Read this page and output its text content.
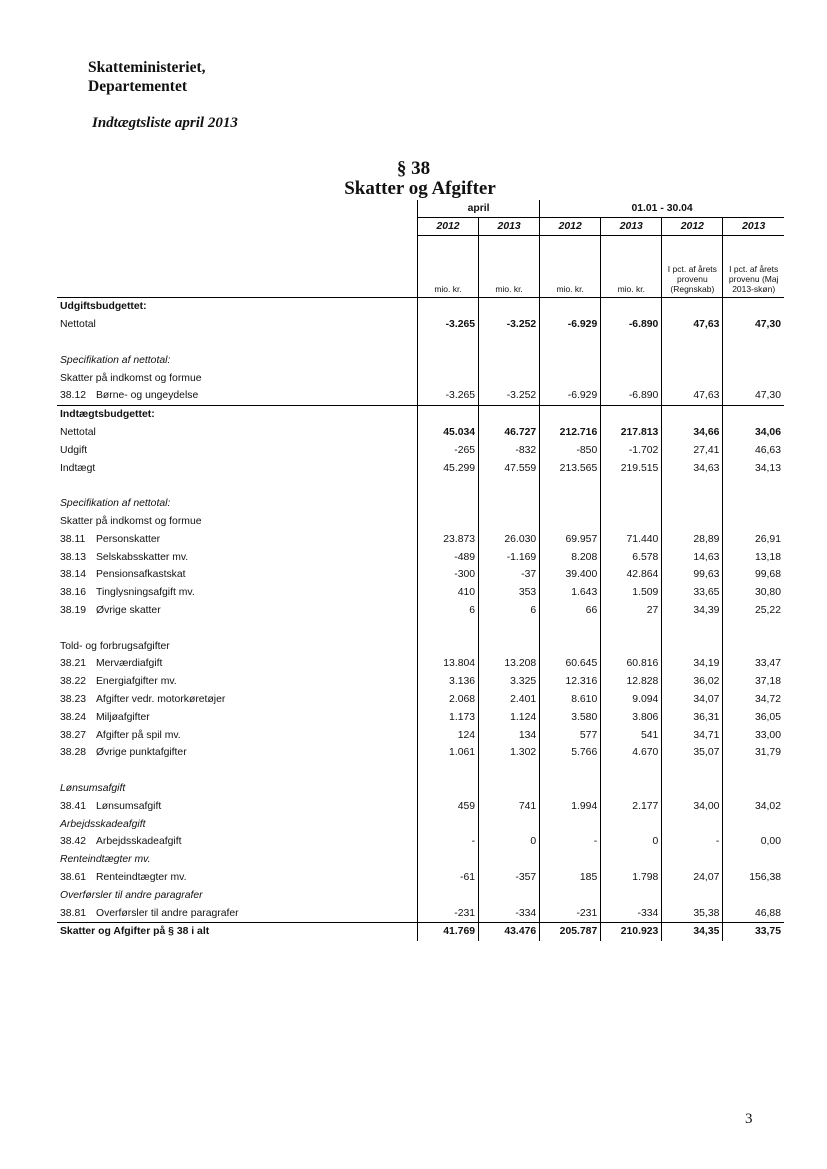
Skatteministeriet,
Departementet
Indtægtsliste april 2013
§ 38
Skatter og Afgifter
	april		01.01 - 30.04			
	2012	2013	2012	2013	2012	2013
	mio. kr.	mio. kr.	mio. kr.	mio. kr.	I pct. af årets provenu (Regnskab)	I pct. af årets provenu (Maj 2013-skøn)
Udgiftsbudgettet:						
Nettotal	-3.265	-3.252	-6.929	-6.890	47,63	47,30

Specifikation af nettotal:						
Skatter på indkomst og formue						
38.12 Børne- og ungeydelse	-3.265	-3.252	-6.929	-6.890	47,63	47,30
Indtægtsbudgettet:						
Nettotal	45.034	46.727	212.716	217.813	34,66	34,06
Udgift	-265	-832	-850	-1.702	27,41	46,63
Indtægt	45.299	47.559	213.565	219.515	34,63	34,13

Specifikation af nettotal:						
Skatter på indkomst og formue						
38.11 Personskatter	23.873	26.030	69.957	71.440	28,89	26,91
38.13 Selskabsskatter mv.	-489	-1.169	8.208	6.578	14,63	13,18
38.14 Pensionsafkastskat	-300	-37	39.400	42.864	99,63	99,68
38.16 Tinglysningsafgift mv.	410	353	1.643	1.509	33,65	30,80
38.19 Øvrige skatter	6	6	66	27	34,39	25,22

Told- og forbrugsafgifter						
38.21 Merværdiafgift	13.804	13.208	60.645	60.816	34,19	33,47
38.22 Energiafgifter mv.	3.136	3.325	12.316	12.828	36,02	37,18
38.23 Afgifter vedr. motorkøretøjer	2.068	2.401	8.610	9.094	34,07	34,72
38.24 Miljøafgifter	1.173	1.124	3.580	3.806	36,31	36,05
38.27 Afgifter på spil mv.	124	134	577	541	34,71	33,00
38.28 Øvrige punktafgifter	1.061	1.302	5.766	4.670	35,07	31,79

Lønsumsafgift						
38.41 Lønsumsafgift	459	741	1.994	2.177	34,00	34,02
Arbejdsskadeafgift						
38.42 Arbejdsskadeafgift	-	0	-	0	-	0,00
Renteindtægter mv.						
38.61 Renteindtægter mv.	-61	-357	185	1.798	24,07	156,38
Overførsler til andre paragrafer						
38.81 Overførsler til andre paragrafer	-231	-334	-231	-334	35,38	46,88
Skatter og Afgifter på § 38 i alt	41.769	43.476	205.787	210.923	34,35	33,75
3
